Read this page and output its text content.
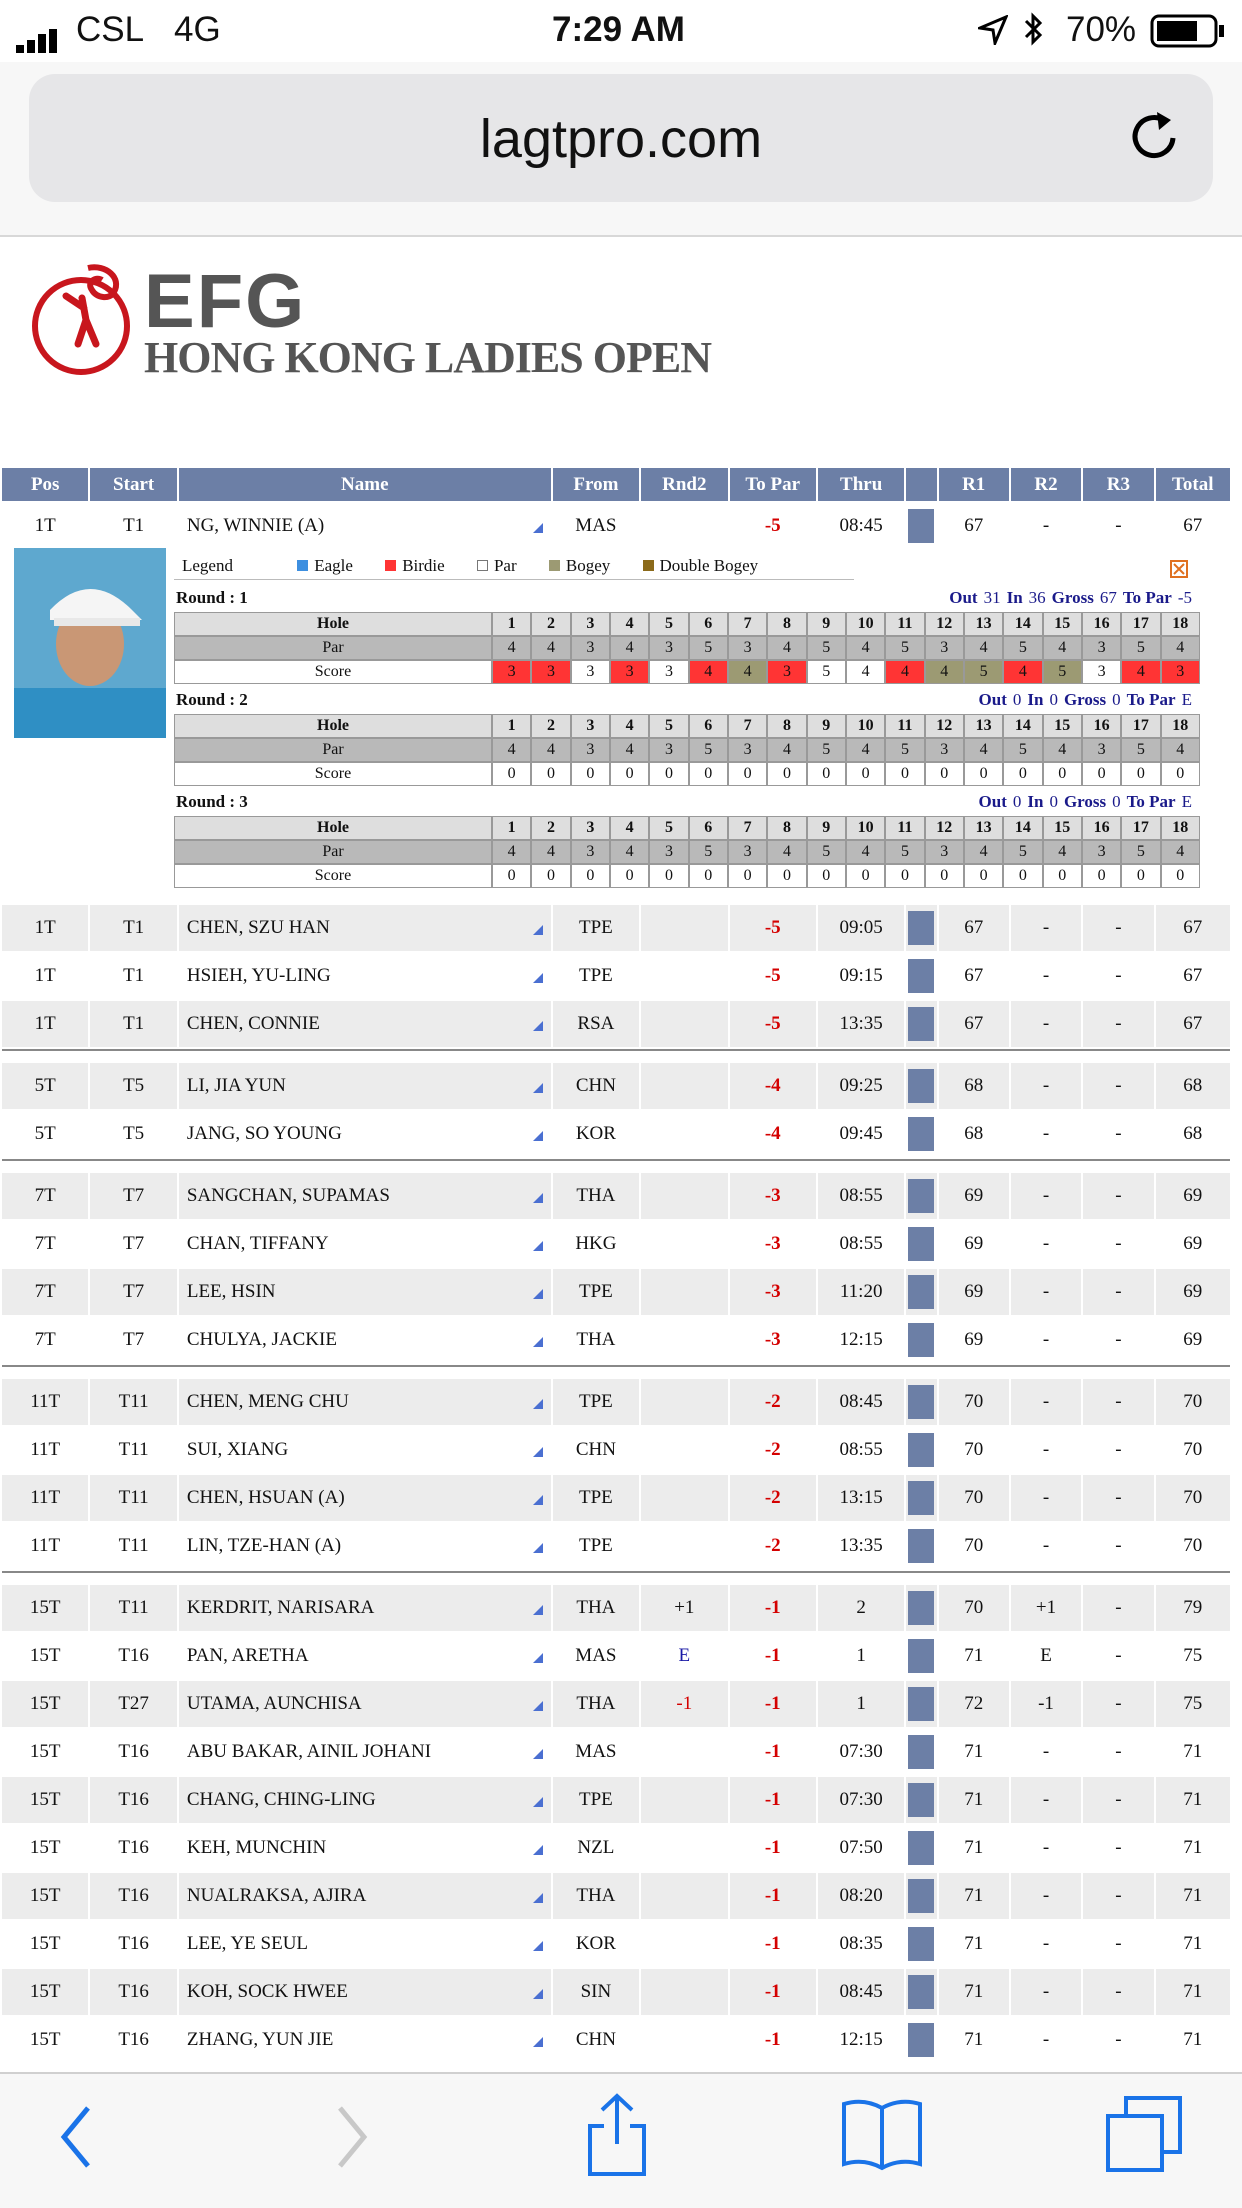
CSL 4G	7:29 AM	70%
lagtpro.com
EFG
HONG KONG LADIES OPEN
Pos	Start	Name	From	Rnd2	To Par	Thru		R1	R2	R3	Total
1T	T1	NG, WINNIE (A)	MAS		-5	08:45		67	-	-	67

1T	T1	CHEN, SZU HAN	TPE		-5	09:05		67	-	-	67
1T	T1	HSIEH, YU-LING	TPE		-5	09:15		67	-	-	67
1T	T1	CHEN, CONNIE	RSA		-5	13:35		67	-	-	67

5T	T5	LI, JIA YUN	CHN		-4	09:25		68	-	-	68
5T	T5	JANG, SO YOUNG	KOR		-4	09:45		68	-	-	68

7T	T7	SANGCHAN, SUPAMAS	THA		-3	08:55		69	-	-	69
7T	T7	CHAN, TIFFANY	HKG		-3	08:55		69	-	-	69
7T	T7	LEE, HSIN	TPE		-3	11:20		69	-	-	69
7T	T7	CHULYA, JACKIE	THA		-3	12:15		69	-	-	69

11T	T11	CHEN, MENG CHU	TPE		-2	08:45		70	-	-	70
11T	T11	SUI, XIANG	CHN		-2	08:55		70	-	-	70
11T	T11	CHEN, HSUAN (A)	TPE		-2	13:15		70	-	-	70
11T	T11	LIN, TZE-HAN (A)	TPE		-2	13:35		70	-	-	70

15T	T11	KERDRIT, NARISARA	THA	+1	-1	2		70	+1	-	79
15T	T16	PAN, ARETHA	MAS	E	-1	1		71	E	-	75
15T	T27	UTAMA, AUNCHISA	THA	-1	-1	1		72	-1	-	75
15T	T16	ABU BAKAR, AINIL JOHANI	MAS		-1	07:30		71	-	-	71
15T	T16	CHANG, CHING-LING	TPE		-1	07:30		71	-	-	71
15T	T16	KEH, MUNCHIN	NZL		-1	07:50		71	-	-	71
15T	T16	NUALRAKSA, AJIRA	THA		-1	08:20		71	-	-	71
15T	T16	LEE, YE SEUL	KOR		-1	08:35		71	-	-	71
15T	T16	KOH, SOCK HWEE	SIN		-1	08:45		71	-	-	71
15T	T16	ZHANG, YUN JIE	CHN		-1	12:15		71	-	-	71
Legend	Eagle	Birdie	Par	Bogey	Double Bogey
Round : 1	Out 31 In 36 Gross 67 To Par -5
Hole	1	2	3	4	5	6	7	8	9	10	11	12	13	14	15	16	17	18
Par	4	4	3	4	3	5	3	4	5	4	5	3	4	5	4	3	5	4
Score	3	3	3	3	3	4	4	3	5	4	4	4	5	4	5	3	4	3
Round : 2	Out 0 In 0 Gross 0 To Par E
Hole	1	2	3	4	5	6	7	8	9	10	11	12	13	14	15	16	17	18
Par	4	4	3	4	3	5	3	4	5	4	5	3	4	5	4	3	5	4
Score	0	0	0	0	0	0	0	0	0	0	0	0	0	0	0	0	0	0
Round : 3	Out 0 In 0 Gross 0 To Par E
Hole	1	2	3	4	5	6	7	8	9	10	11	12	13	14	15	16	17	18
Par	4	4	3	4	3	5	3	4	5	4	5	3	4	5	4	3	5	4
Score	0	0	0	0	0	0	0	0	0	0	0	0	0	0	0	0	0	0
